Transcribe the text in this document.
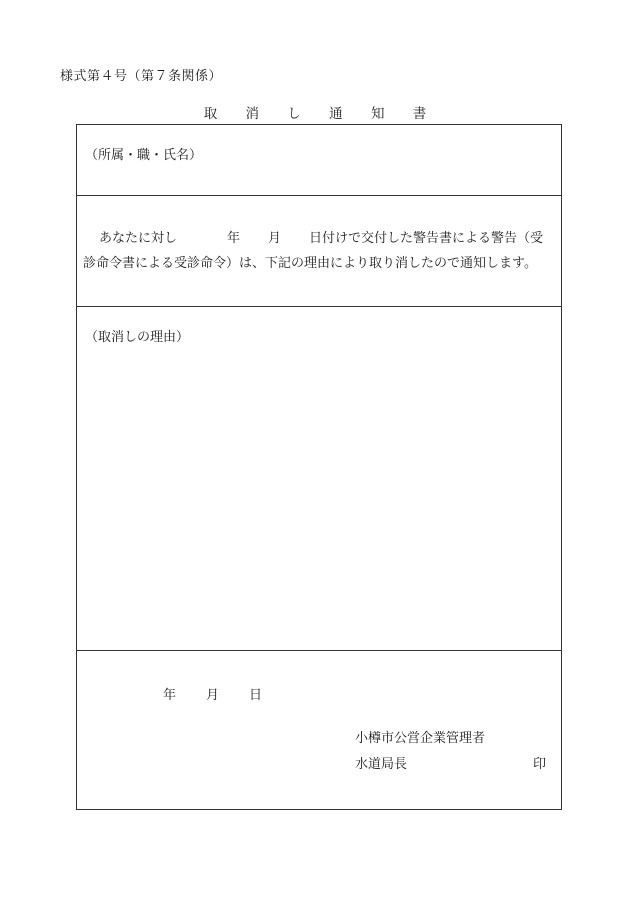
様式第４号（第７条関係）
取 消 し 通 知 書
（所属・職・氏名）
あなたに対し	年 月 日付けで交付した警告書による警告（受
診命令書による受診命令）は、下記の理由により取り消したので通知します。
（取消しの理由）
年 月 日
小樽市公営企業管理者
水道局長	印
